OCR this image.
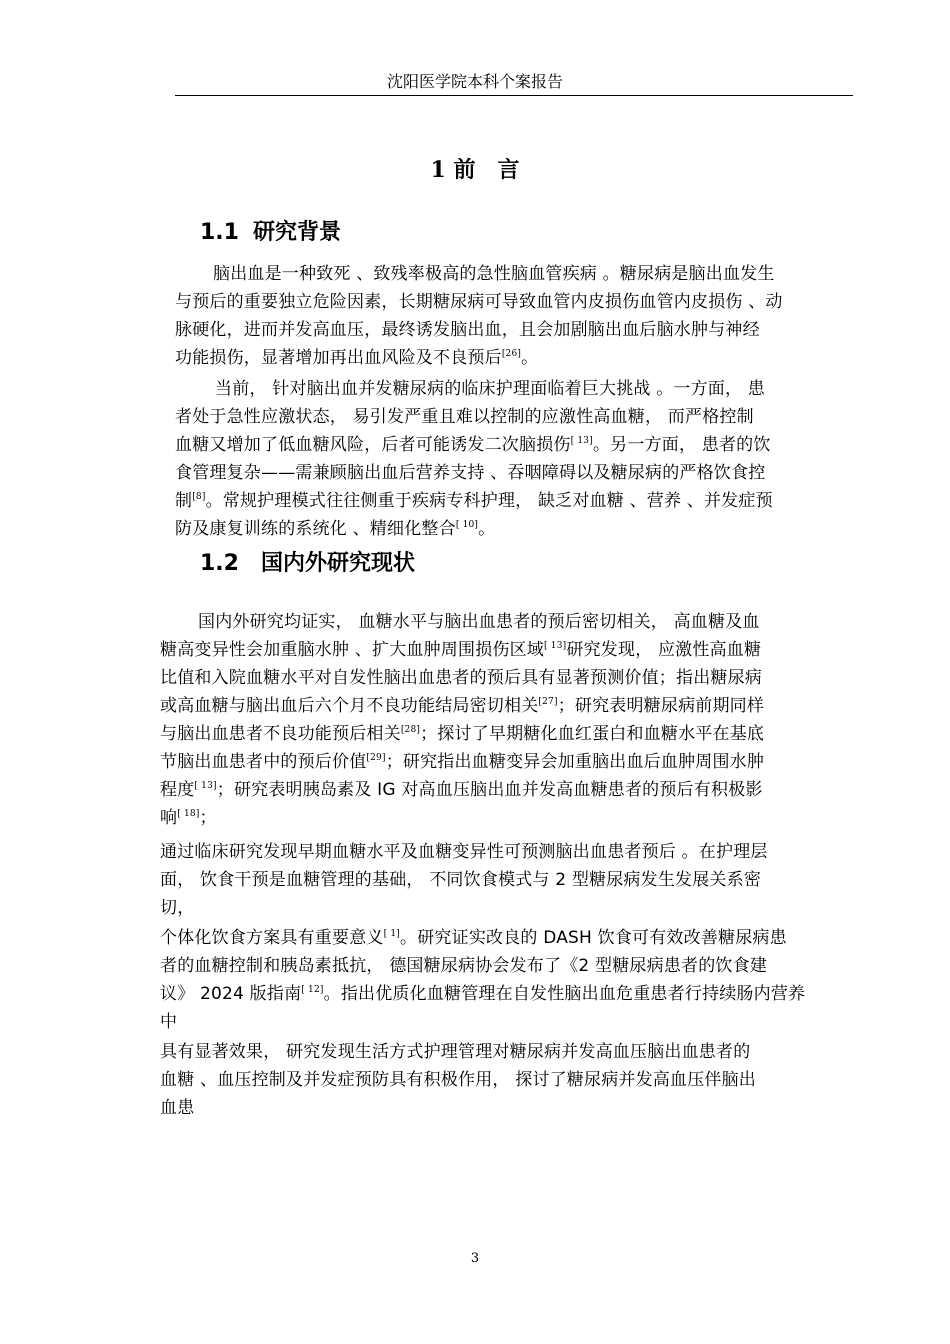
沈阳医学院本科个案报告

1 前　言
1.1 研究背景
1.2 国内外研究现状

脑出血是一种致死 、致残率极高的急性脑血管疾病 。糖尿病是脑出血发生

与预后的重要独立危险因素，长期糖尿病可导致血管内皮损伤血管内皮损伤 、动

脉硬化，进而并发高血压，最终诱发脑出血，且会加剧脑出血后脑水肿与神经

功能损伤，显著增加再出血风险及不良预后[26]。

当前， 针对脑出血并发糖尿病的临床护理面临着巨大挑战 。一方面， 患

者处于急性应激状态， 易引发严重且难以控制的应激性高血糖， 而严格控制

血糖又增加了低血糖风险，后者可能诱发二次脑损伤[ 13]。另一方面， 患者的饮

食管理复杂——需兼顾脑出血后营养支持 、吞咽障碍以及糖尿病的严格饮食控

制[8]。常规护理模式往往侧重于疾病专科护理， 缺乏对血糖 、营养 、并发症预

防及康复训练的系统化 、精细化整合[ 10]。

国内外研究均证实， 血糖水平与脑出血患者的预后密切相关， 高血糖及血

糖高变异性会加重脑水肿 、扩大血肿周围损伤区域[ 13]研究发现， 应激性高血糖

比值和入院血糖水平对自发性脑出血患者的预后具有显著预测价值；指出糖尿病

或高血糖与脑出血后六个月不良功能结局密切相关[27]；研究表明糖尿病前期同样

与脑出血患者不良功能预后相关[28]；探讨了早期糖化血红蛋白和血糖水平在基底

节脑出血患者中的预后价值[29]；研究指出血糖变异会加重脑出血后血肿周围水肿

程度[ 13]；研究表明胰岛素及 IG 对高血压脑出血并发高血糖患者的预后有积极影

响[ 18]；

通过临床研究发现早期血糖水平及血糖变异性可预测脑出血患者预后 。在护理层

面， 饮食干预是血糖管理的基础， 不同饮食模式与 2 型糖尿病发生发展关系密

切，

个体化饮食方案具有重要意义[ 1]。研究证实改良的 DASH 饮食可有效改善糖尿病患

者的血糖控制和胰岛素抵抗， 德国糖尿病协会发布了《2 型糖尿病患者的饮食建

议》 2024 版指南[ 12]。指出优质化血糖管理在自发性脑出血危重患者行持续肠内营养

中

具有显著效果， 研究发现生活方式护理管理对糖尿病并发高血压脑出血患者的

血糖 、血压控制及并发症预防具有积极作用， 探讨了糖尿病并发高血压伴脑出

血患

3
